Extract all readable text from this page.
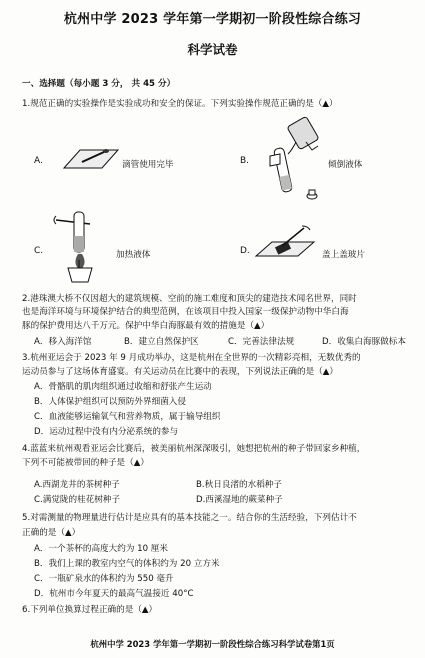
杭州中学 2023 学年第一学期初一阶段性综合练习
科学试卷
一、选择题（每小题 3 分， 共 45 分）
1.规范正确的实验操作是实验成功和安全的保证。下列实验操作规范正确的是（▲）
A.	滴管使用完毕	B.	倾倒液体
C.	加热液体	D.	盖上盖玻片
2.港珠澳大桥不仅因超大的建筑规模、空前的施工难度和顶尖的建造技术闻名世界，同时
也是海洋环境与环境保护结合的典型范例，在该项目中投入国家一级保护动物中华白海
豚的保护费用达八千万元。保护中华白海豚最有效的措施是（▲）
A．移入海洋馆	B．建立自然保护区	C．完善法律法规	D．收集白海豚做标本
3.杭州亚运会于 2023 年 9 月成功举办，这是杭州在全世界的一次精彩亮相，无数优秀的
运动员参与了这场体育盛宴。有关运动员在比赛中的表现，下列说法正确的是（▲）
A．骨骼肌的肌肉组织通过收缩和舒张产生运动
B．人体保护组织可以预防外界细菌入侵
C．血液能够运输氧气和营养物质，属于输导组织
D．运动过程中没有内分泌系统的参与
4.蓝蓝来杭州观看亚运会比赛后，被美丽杭州深深吸引，她想把杭州的种子带回家乡种植，
下列不可能被带回的种子是（▲）
A.西湖龙井的茶树种子	B.秋日良渚的水稻种子
C.满觉陇的桂花树种子	D.西溪湿地的蕨菜种子
5.对需测量的物理量进行估计是应具有的基本技能之一。结合你的生活经验，下列估计不
正确的是（▲）
A．一个茶杯的高度大约为 10 厘米
B．我们上课的教室内空气的体积约为 20 立方米
C．一瓶矿泉水的体积约为 550 毫升
D．杭州市今年夏天的最高气温接近 40°C
6.下列单位换算过程正确的是（▲）
杭州中学 2023 学年第一学期初一阶段性综合练习科学试卷第1页
